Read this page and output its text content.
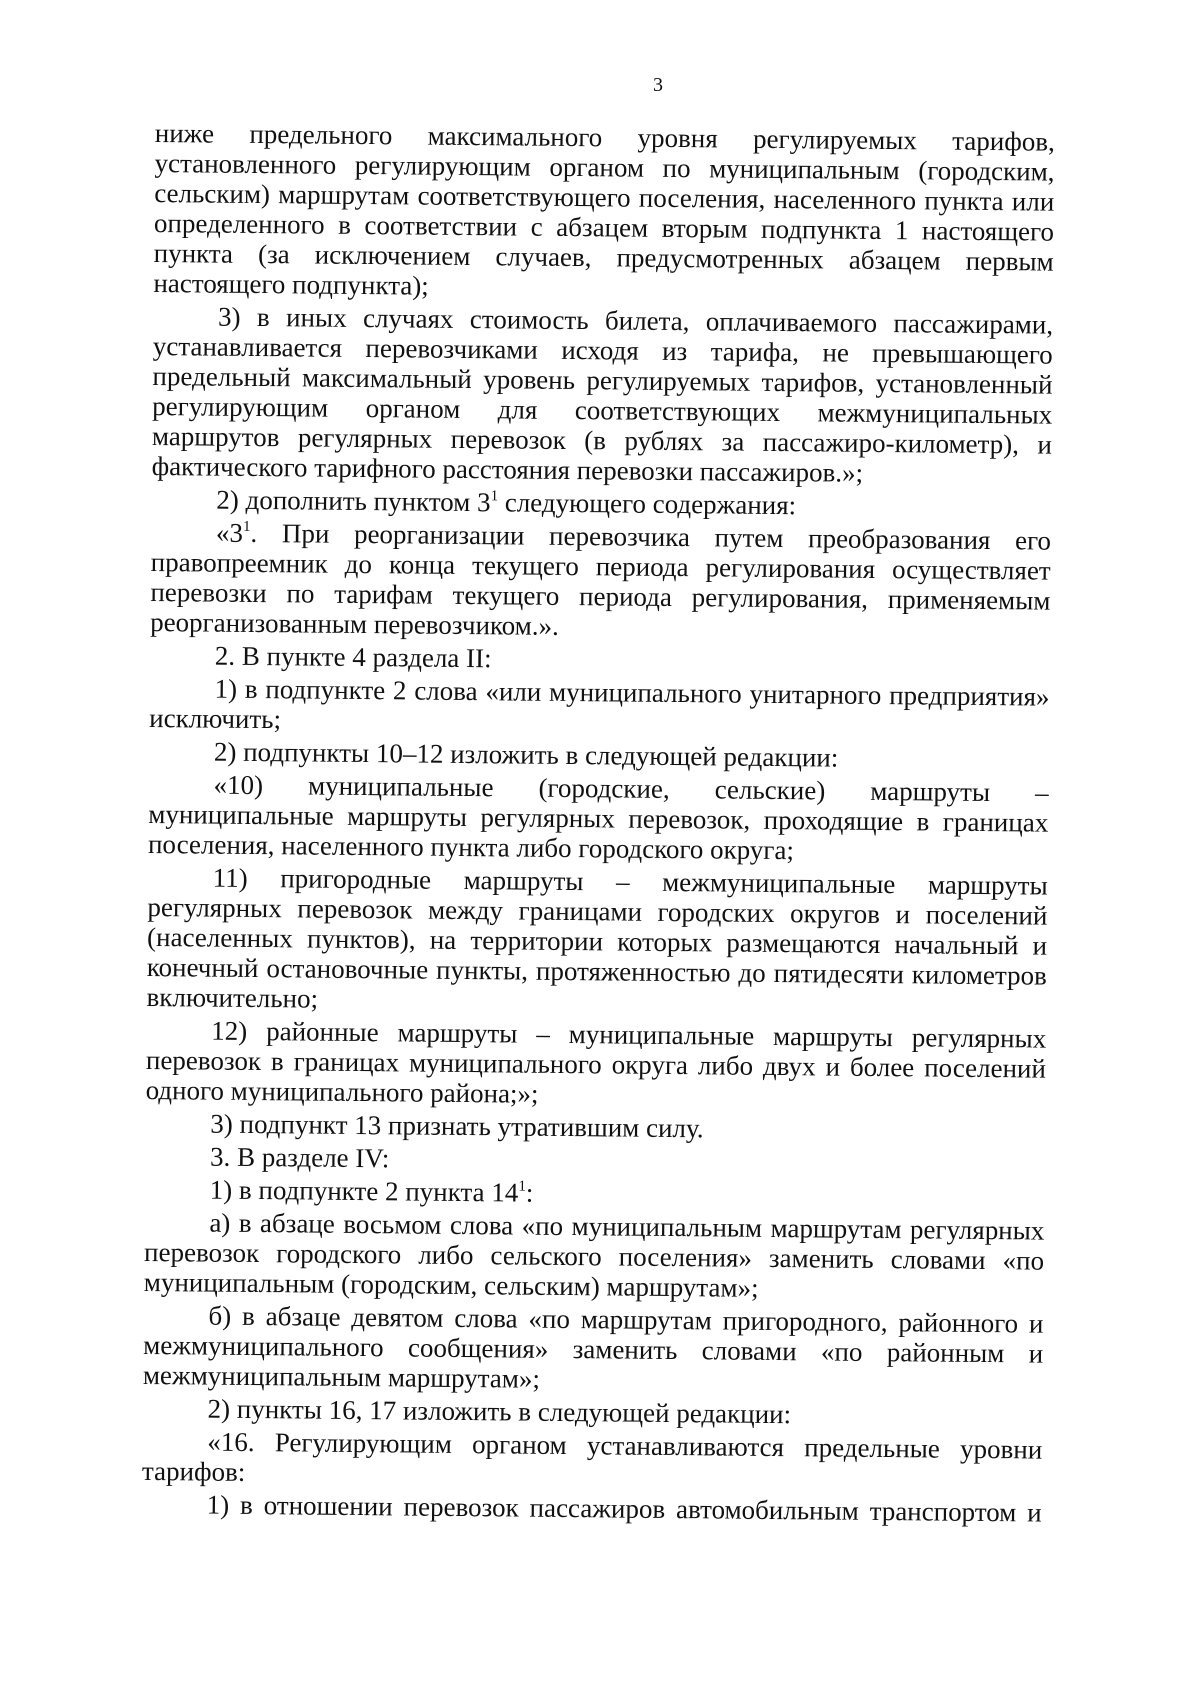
3

ниже предельного максимального уровня регулируемых тарифов, установленного регулирующим органом по муниципальным (городским, сельским) маршрутам соответствующего поселения, населенного пункта или определенного в соответствии с абзацем вторым подпункта 1 настоящего пункта (за исключением случаев, предусмотренных абзацем первым настоящего подпункта);

3) в иных случаях стоимость билета, оплачиваемого пассажирами, устанавливается перевозчиками исходя из тарифа, не превышающего предельный максимальный уровень регулируемых тарифов, установленный регулирующим органом для соответствующих межмуниципальных маршрутов регулярных перевозок (в рублях за пассажиро-километр), и фактического тарифного расстояния перевозки пассажиров.»;

2) дополнить пунктом $3^1$ следующего содержания:

«$3^1$. При реорганизации перевозчика путем преобразования его правопреемник до конца текущего периода регулирования осуществляет перевозки по тарифам текущего периода регулирования, применяемым реорганизованным перевозчиком.».

2. В пункте 4 раздела II:

1) в подпункте 2 слова «или муниципального унитарного предприятия» исключить;

2) подпункты 10–12 изложить в следующей редакции:

«10) муниципальные (городские, сельские) маршруты – муниципальные маршруты регулярных перевозок, проходящие в границах поселения, населенного пункта либо городского округа;

11) пригородные маршруты – межмуниципальные маршруты регулярных перевозок между границами городских округов и поселений (населенных пунктов), на территории которых размещаются начальный и конечный остановочные пункты, протяженностью до пятидесяти километров включительно;

12) районные маршруты – муниципальные маршруты регулярных перевозок в границах муниципального округа либо двух и более поселений одного муниципального района;»;

3) подпункт 13 признать утратившим силу.

3. В разделе IV:

1) в подпункте 2 пункта $14^1$:

а) в абзаце восьмом слова «по муниципальным маршрутам регулярных перевозок городского либо сельского поселения» заменить словами «по муниципальным (городским, сельским) маршрутам»;

б) в абзаце девятом слова «по маршрутам пригородного, районного и межмуниципального сообщения» заменить словами «по районным и межмуниципальным маршрутам»;

2) пункты 16, 17 изложить в следующей редакции:

«16. Регулирующим органом устанавливаются предельные уровни тарифов:

1) в отношении перевозок пассажиров автомобильным транспортом и
